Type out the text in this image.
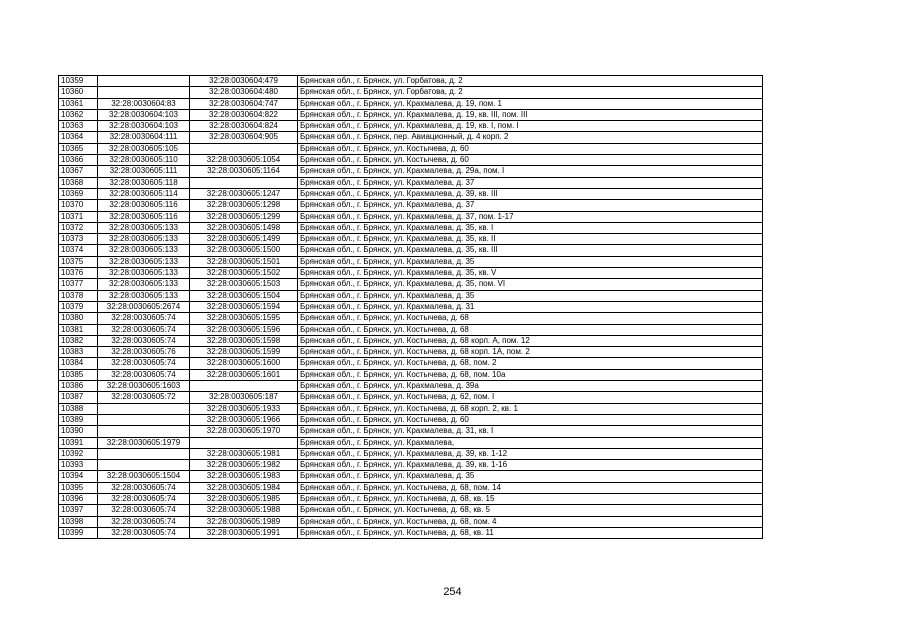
10359		32:28:0030604:479	Брянская обл., г. Брянск, ул. Горбатова, д. 2
10360		32:28:0030604:480	Брянская обл., г. Брянск, ул. Горбатова, д. 2
10361	32:28:0030604:83	32:28:0030604:747	Брянская обл., г. Брянск, ул. Крахмалева, д. 19, пом. 1
10362	32:28:0030604:103	32:28:0030604:822	Брянская обл., г. Брянск, ул. Крахмалева, д. 19, кв. III, пом. III
10363	32:28:0030604:103	32:28:0030604:824	Брянская обл., г. Брянск, ул. Крахмалева, д. 19, кв. I, пом. I
10364	32:28:0030604:111	32:28:0030604:905	Брянская обл., г. Брянск, пер. Авиационный, д. 4 корп. 2
10365	32:28:0030605:105		Брянская обл., г. Брянск, ул. Костычева, д. 60
10366	32:28:0030605:110	32:28:0030605:1054	Брянская обл., г. Брянск, ул. Костычева, д. 60
10367	32:28:0030605:111	32:28:0030605:1164	Брянская обл., г. Брянск, ул. Крахмалева, д. 29а, пом. I
10368	32:28:0030605:118		Брянская обл., г. Брянск, ул. Крахмалева, д. 37
10369	32:28:0030605:114	32:28:0030605:1247	Брянская обл., г. Брянск, ул. Крахмалева, д. 39, кв. III
10370	32:28:0030605:116	32:28:0030605:1298	Брянская обл., г. Брянск, ул. Крахмалева, д. 37
10371	32:28:0030605:116	32:28:0030605:1299	Брянская обл., г. Брянск, ул. Крахмалева, д. 37, пом. 1-17
10372	32:28:0030605:133	32:28:0030605:1498	Брянская обл., г. Брянск, ул. Крахмалева, д. 35, кв. I
10373	32:28:0030605:133	32:28:0030605:1499	Брянская обл., г. Брянск, ул. Крахмалева, д. 35, кв. II
10374	32:28:0030605:133	32:28:0030605:1500	Брянская обл., г. Брянск, ул. Крахмалева, д. 35, кв. III
10375	32:28:0030605:133	32:28:0030605:1501	Брянская обл., г. Брянск, ул. Крахмалева, д. 35
10376	32:28:0030605:133	32:28:0030605:1502	Брянская обл., г. Брянск, ул. Крахмалева, д. 35, кв. V
10377	32:28:0030605:133	32:28:0030605:1503	Брянская обл., г. Брянск, ул. Крахмалева, д. 35, пом. VI
10378	32:28:0030605:133	32:28:0030605:1504	Брянская обл., г. Брянск, ул. Крахмалева, д. 35
10379	32:28:0030605:2674	32:28:0030605:1594	Брянская обл., г. Брянск, ул. Крахмалева, д. 31
10380	32:28:0030605:74	32:28:0030605:1595	Брянская обл., г. Брянск, ул. Костычева, д. 68
10381	32:28:0030605:74	32:28:0030605:1596	Брянская обл., г. Брянск, ул. Костычева, д. 68
10382	32:28:0030605:74	32:28:0030605:1598	Брянская обл., г. Брянск, ул. Костычева, д. 68 корп. А, пом. 12
10383	32:28:0030605:76	32:28:0030605:1599	Брянская обл., г. Брянск, ул. Костычева, д. 68 корп. 1А, пом. 2
10384	32:28:0030605:74	32:28:0030605:1600	Брянская обл., г. Брянск, ул. Костычева, д. 68, пом. 2
10385	32:28:0030605:74	32:28:0030605:1601	Брянская обл., г. Брянск, ул. Костычева, д. 68, пом. 10а
10386	32:28:0030605:1603		Брянская обл., г. Брянск, ул. Крахмалева, д. 39а
10387	32:28:0030605:72	32:28:0030605:187	Брянская обл., г. Брянск, ул. Костычева, д. 62, пом. I
10388		32:28:0030605:1933	Брянская обл., г. Брянск, ул. Костычева, д. 68 корп. 2, кв. 1
10389		32:28:0030605:1966	Брянская обл., г. Брянск, ул. Костычева, д. 60
10390		32:28:0030605:1970	Брянская обл., г. Брянск, ул. Крахмалева, д. 31, кв. I
10391	32:28:0030605:1979		Брянская обл., г. Брянск, ул. Крахмалева,
10392		32:28:0030605:1981	Брянская обл., г. Брянск, ул. Крахмалева, д. 39, кв. 1-12
10393		32:28:0030605:1982	Брянская обл., г. Брянск, ул. Крахмалева, д. 39, кв. 1-16
10394	32:28:0030605:1504	32:28:0030605:1983	Брянская обл., г. Брянск, ул. Крахмалева, д. 35
10395	32:28:0030605:74	32:28:0030605:1984	Брянская обл., г. Брянск, ул. Костычева, д. 68, пом. 14
10396	32:28:0030605:74	32:28:0030605:1985	Брянская обл., г. Брянск, ул. Костычева, д. 68, кв. 15
10397	32:28:0030605:74	32:28:0030605:1988	Брянская обл., г. Брянск, ул. Костычева, д. 68, кв. 5
10398	32:28:0030605:74	32:28:0030605:1989	Брянская обл., г. Брянск, ул. Костычева, д. 68, пом. 4
10399	32:28:0030605:74	32:28:0030605:1991	Брянская обл., г. Брянск, ул. Костычева, д. 68, кв. 11
254
